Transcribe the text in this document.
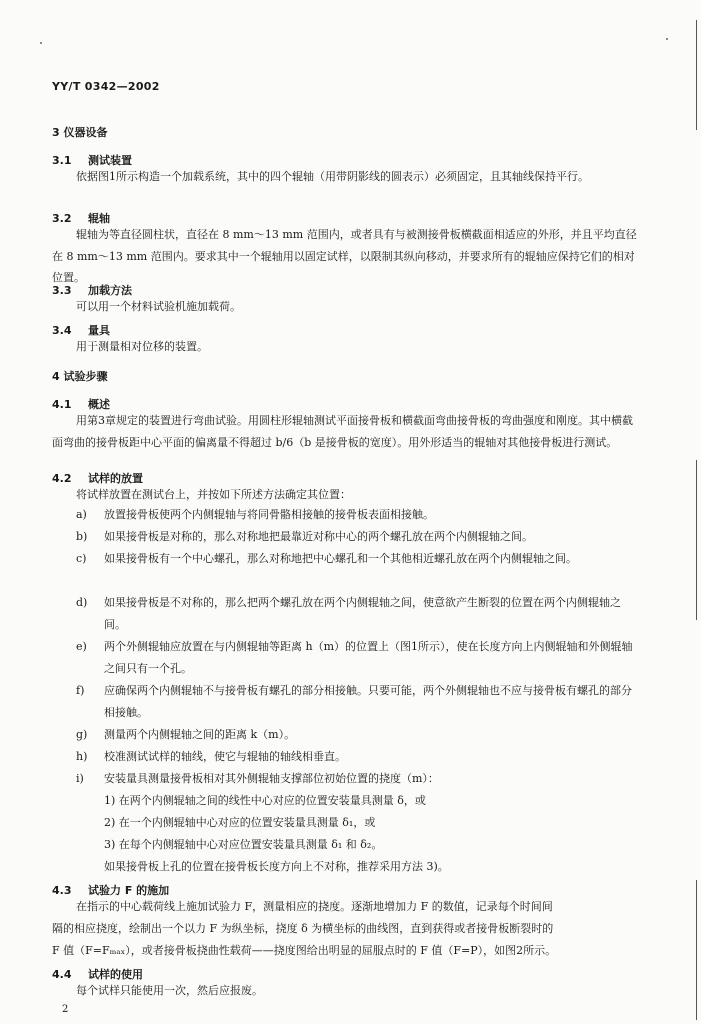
YY/T 0342—2002
3 仪器设备
3.1 测试装置

依据图1所示构造一个加载系统，其中的四个辊轴（用带阴影线的圆表示）必须固定，且其轴线保持平行。

3.2 辊轴

辊轴为等直径圆柱状，直径在 8 mm～13 mm 范围内，或者具有与被测接骨板横截面相适应的外形，并且平均直径在 8 mm～13 mm 范围内。要求其中一个辊轴用以固定试样，以限制其纵向移动，并要求所有的辊轴应保持它们的相对位置。

3.3 加载方法

可以用一个材料试验机施加载荷。

3.4 量具

用于测量相对位移的装置。

4 试验步骤
4.1 概述

用第3章规定的装置进行弯曲试验。用圆柱形辊轴测试平面接骨板和横截面弯曲接骨板的弯曲强度和刚度。其中横截面弯曲的接骨板距中心平面的偏离量不得超过 b/6（b 是接骨板的宽度）。用外形适当的辊轴对其他接骨板进行测试。

4.2 试样的放置

将试样放置在测试台上，并按如下所述方法确定其位置：

a)	放置接骨板使两个内侧辊轴与将同骨骼相接触的接骨板表面相接触。
b)	如果接骨板是对称的，那么对称地把最靠近对称中心的两个螺孔放在两个内侧辊轴之间。
c)	如果接骨板有一个中心螺孔，那么对称地把中心螺孔和一个其他相近螺孔放在两个内侧辊轴之间。
d)	如果接骨板是不对称的，那么把两个螺孔放在两个内侧辊轴之间，使意欲产生断裂的位置在两个内侧辊轴之间。
e)	两个外侧辊轴应放置在与内侧辊轴等距离 h（m）的位置上（图1所示），使在长度方向上内侧辊轴和外侧辊轴之间只有一个孔。
f)	应确保两个内侧辊轴不与接骨板有螺孔的部分相接触。只要可能，两个外侧辊轴也不应与接骨板有螺孔的部分相接触。
g)	测量两个内侧辊轴之间的距离 k（m）。
h)	校准测试试样的轴线，使它与辊轴的轴线相垂直。
i)	安装量具测量接骨板相对其外侧辊轴支撑部位初始位置的挠度（m）：
1) 在两个内侧辊轴之间的线性中心对应的位置安装量具测量 δ，或
2) 在一个内侧辊轴中心对应的位置安装量具测量 δ₁，或
3) 在每个内侧辊轴中心对应位置安装量具测量 δ₁ 和 δ₂。
如果接骨板上孔的位置在接骨板长度方向上不对称，推荐采用方法 3)。
4.3 试验力 F 的施加
在指示的中心载荷线上施加试验力 F，测量相应的挠度。逐渐地增加力 F 的数值，记录每个时间间
隔的相应挠度，绘制出一个以力 F 为纵坐标，挠度 δ 为横坐标的曲线图，直到获得或者接骨板断裂时的
F 值（F=Fₘₐₓ），或者接骨板挠曲性载荷——挠度图给出明显的屈服点时的 F 值（F=P），如图2所示。
4.4 试样的使用

每个试样只能使用一次，然后应报废。

2
